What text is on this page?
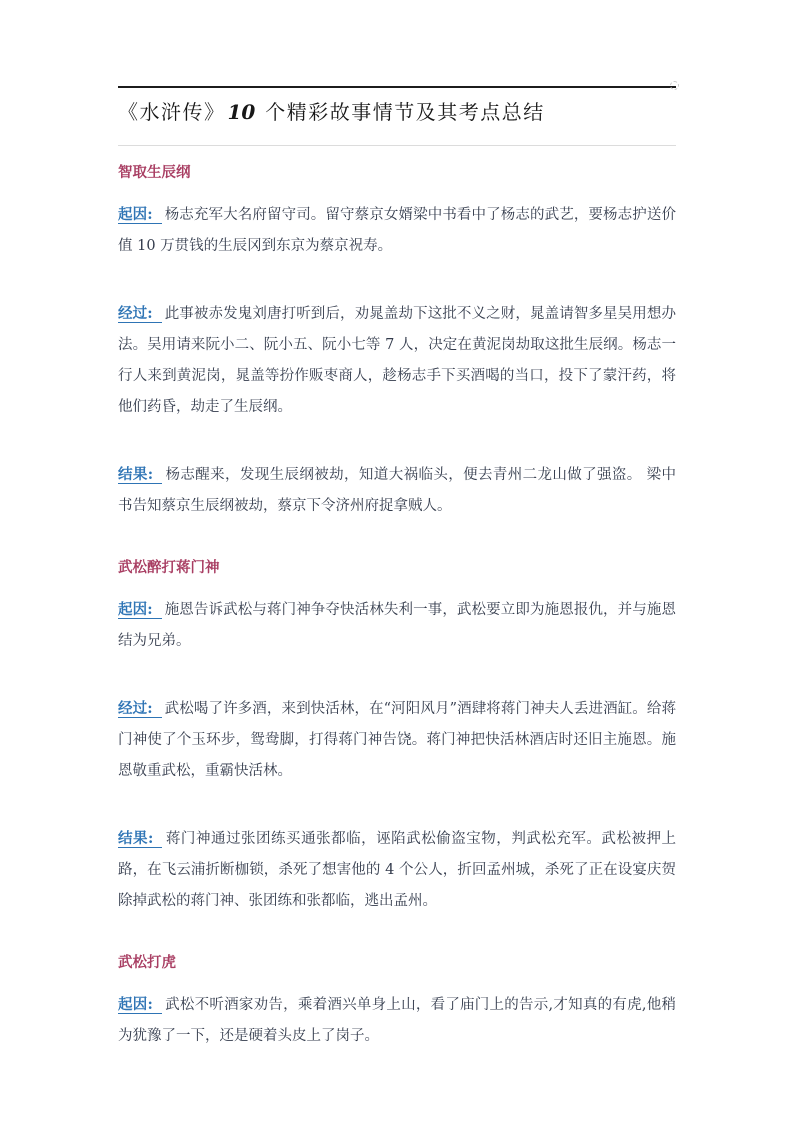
《水浒传》 10 个精彩故事情节及其考点总结
智取生辰纲

起因: 杨志充军大名府留守司。留守蔡京女婿梁中书看中了杨志的武艺，要杨志护送价值 10 万贯钱的生辰冈到东京为蔡京祝寿。

经过: 此事被赤发鬼刘唐打听到后，劝晁盖劫下这批不义之财，晁盖请智多星吴用想办法。吴用请来阮小二、阮小五、阮小七等 7 人，决定在黄泥岗劫取这批生辰纲。杨志一行人来到黄泥岗，晁盖等扮作贩枣商人，趁杨志手下买酒喝的当口，投下了蒙汗药，将他们药昏，劫走了生辰纲。

结果: 杨志醒来，发现生辰纲被劫，知道大祸临头，便去青州二龙山做了强盗。 梁中书告知蔡京生辰纲被劫，蔡京下令济州府捉拿贼人。

武松醉打蒋门神

起因: 施恩告诉武松与蒋门神争夺快活林失利一事，武松要立即为施恩报仇，并与施恩结为兄弟。

经过: 武松喝了许多酒，来到快活林，在“河阳风月”酒肆将蒋门神夫人丢进酒缸。给蒋门神使了个玉环步，鸳鸯脚，打得蒋门神告饶。蒋门神把快活林酒店时还旧主施恩。施恩敬重武松，重霸快活林。

结果: 蒋门神通过张团练买通张都临，诬陷武松偷盗宝物，判武松充军。武松被押上路，在飞云浦折断枷锁，杀死了想害他的 4 个公人，折回孟州城，杀死了正在设宴庆贺除掉武松的蒋门神、张团练和张都临，逃出孟州。

武松打虎

起因: 武松不听酒家劝告，乘着酒兴单身上山，看了庙门上的告示,才知真的有虎,他稍为犹豫了一下，还是硬着头皮上了岗子。
